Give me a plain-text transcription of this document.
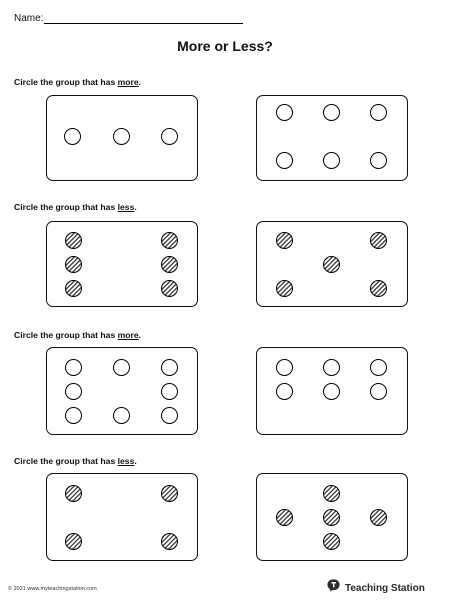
Name:
More or Less?
Circle the group that has more.
Circle the group that has less.
Circle the group that has more.
Circle the group that has less.
© 2021 www.myteachingstation.com	Teaching Station
